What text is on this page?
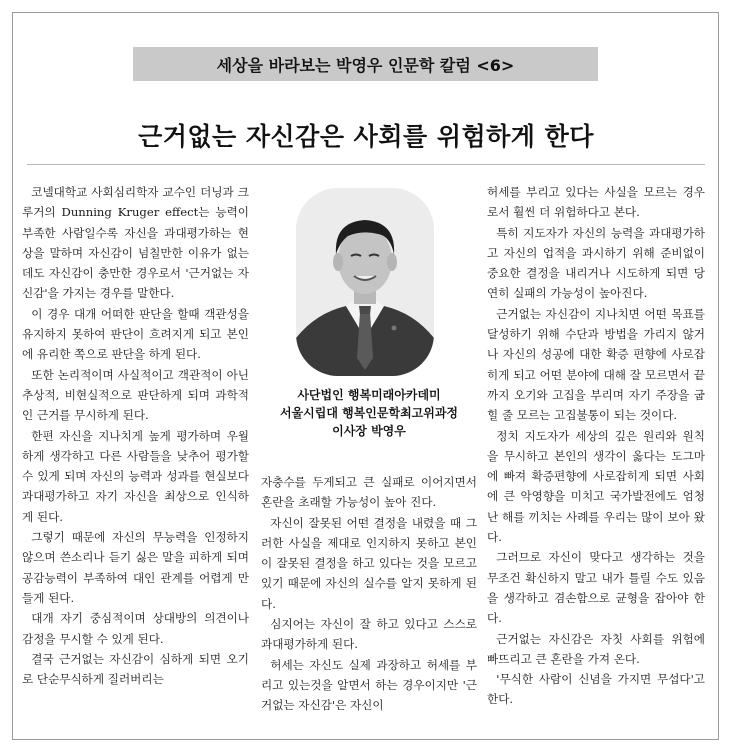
세상을 바라보는 박영우 인문학 칼럼 <6>
근거없는 자신감은 사회를 위험하게 한다

코넬대학교 사회심리학자 교수인 더닝과 크루거의 Dunning Kruger effect는 능력이 부족한 사람일수록 자신을 과대평가하는 현상을 말하며 자신감이 넘칠만한 이유가 없는데도 자신감이 충만한 경우로서 '근거없는 자신감'을 가지는 경우를 말한다.

이 경우 대개 어떠한 판단을 할때 객관성을 유지하지 못하여 판단이 흐려지게 되고 본인에 유리한 쪽으로 판단을 하게 된다.

또한 논리적이며 사실적이고 객관적이 아닌 추상적, 비현실적으로 판단하게 되며 과학적인 근거를 무시하게 된다.

한편 자신을 지나치게 높게 평가하며 우월하게 생각하고 다른 사람들을 낮추어 평가할 수 있게 되며 자신의 능력과 성과를 현실보다 과대평가하고 자기 자신을 최상으로 인식하게 된다.

그렇기 때문에 자신의 무능력을 인정하지 않으며 쓴소리나 듣기 싫은 말을 피하게 되며 공감능력이 부족하여 대인 관계를 어렵게 만들게 된다.

대개 자기 중심적이며 상대방의 의견이나 감정을 무시할 수 있게 된다.

결국 근거없는 자신감이 심하게 되면 오기로 단순무식하게 질러버리는

사단법인 행복미래아카데미
서울시립대 행복인문학최고위과정
이사장 박영우

자충수를 두게되고 큰 실패로 이어지면서 혼란을 초래할 가능성이 높아 진다.

자신이 잘못된 어떤 결정을 내렸을 때 그러한 사실을 제대로 인지하지 못하고 본인이 잘못된 결정을 하고 있다는 것을 모르고 있기 때문에 자신의 실수를 알지 못하게 된다.

심지어는 자신이 잘 하고 있다고 스스로 과대평가하게 된다.

허세는 자신도 실제 과장하고 허세를 부리고 있는것을 알면서 하는 경우이지만 '근거없는 자신감'은 자신이

허세를 부리고 있다는 사실을 모르는 경우로서 훨씬 더 위험하다고 본다.

특히 지도자가 자신의 능력을 과대평가하고 자신의 업적을 과시하기 위해 준비없이 중요한 결정을 내리거나 시도하게 되면 당연히 실패의 가능성이 높아진다.

근거없는 자신감이 지나치면 어떤 목표를 달성하기 위해 수단과 방법을 가리지 않거나 자신의 성공에 대한 확증 편향에 사로잡히게 되고 어떤 분야에 대해 잘 모르면서 끝까지 오기와 고집을 부리며 자기 주장을 굽힐 줄 모르는 고집불통이 되는 것이다.

정치 지도자가 세상의 깊은 원리와 원칙을 무시하고 본인의 생각이 옳다는 도그마에 빠져 확증편향에 사로잡히게 되면 사회에 큰 악영향을 미치고 국가발전에도 엄청난 해를 끼치는 사례를 우리는 많이 보아 왔다.

그러므로 자신이 맞다고 생각하는 것을 무조건 확신하지 말고 내가 틀릴 수도 있음을 생각하고 겸손함으로 균형을 잡아야 한다.

근거없는 자신감은 자칫 사회를 위험에 빠뜨리고 큰 혼란을 가져 온다.

'무식한 사람이 신념을 가지면 무섭다'고 한다.
